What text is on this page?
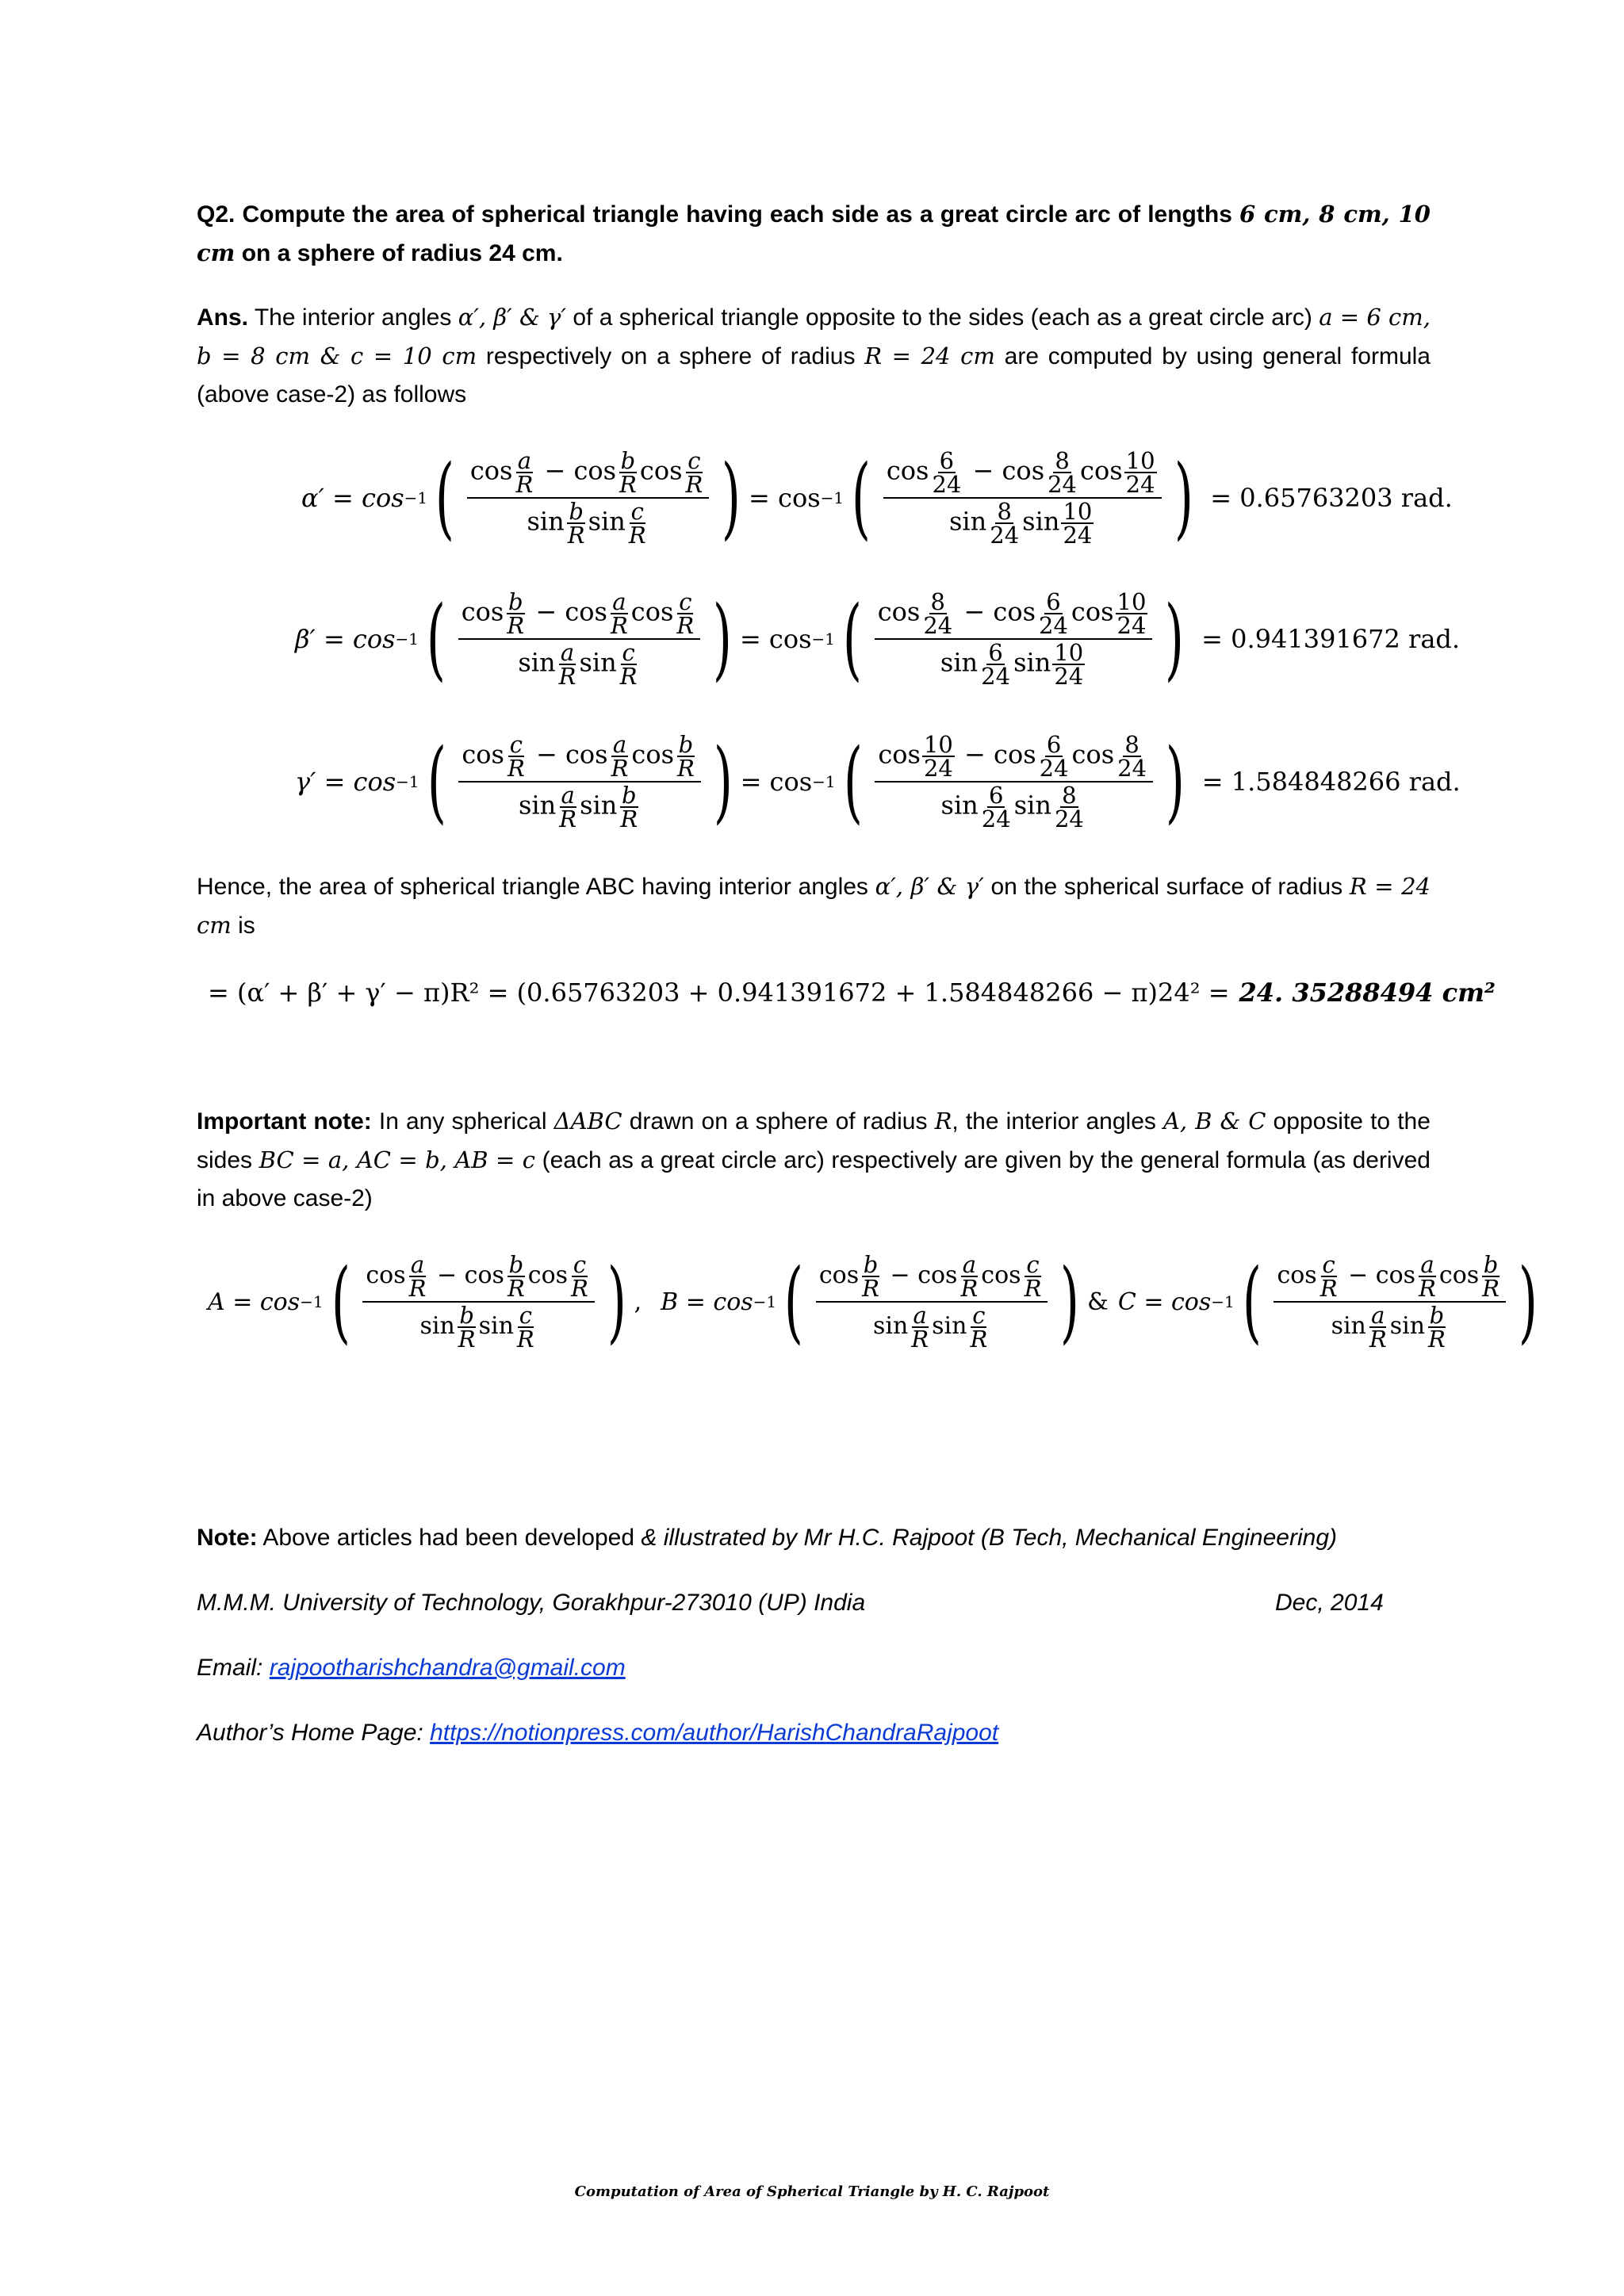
Q2. Compute the area of spherical triangle having each side as a great circle arc of lengths 6 cm, 8 cm, 10 cm on a sphere of radius 24 cm.

Ans. The interior angles α′, β′ & γ′ of a spherical triangle opposite to the sides (each as a great circle arc) a = 6 cm, b = 8 cm & c = 10 cm respectively on a sphere of radius R = 24 cm are computed by using general formula (above case-2) as follows

α′ = cos −1 ( $\frac{\cos \frac{a}{R} - \cos \frac{b}{R} \cos \frac{c}{R}}{\sin \frac{b}{R} \sin \frac{c}{R}}$ ) = cos −1 ( $\frac{\cos \frac{6}{24} - \cos \frac{8}{24} \cos \frac{10}{24}}{\sin \frac{8}{24} \sin \frac{10}{24}}$ ) = 0.65763203 rad.
β′ = cos −1 ( $\frac{\cos \frac{b}{R} - \cos \frac{a}{R} \cos \frac{c}{R}}{\sin \frac{a}{R} \sin \frac{c}{R}}$ ) = cos −1 ( $\frac{\cos \frac{8}{24} - \cos \frac{6}{24} \cos \frac{10}{24}}{\sin \frac{6}{24} \sin \frac{10}{24}}$ ) = 0.941391672 rad.
γ′ = cos −1 ( $\frac{\cos \frac{c}{R} - \cos \frac{a}{R} \cos \frac{b}{R}}{\sin \frac{a}{R} \sin \frac{b}{R}}$ ) = cos −1 ( $\frac{\cos \frac{10}{24} - \cos \frac{6}{24} \cos \frac{8}{24}}{\sin \frac{6}{24} \sin \frac{8}{24}}$ ) = 1.584848266 rad.

Hence, the area of spherical triangle ABC having interior angles α′, β′ & γ′ on the spherical surface of radius R = 24 cm is

= (α′ + β′ + γ′ − π)R² = (0.65763203 + 0.941391672 + 1.584848266 − π)24² = 24. 35288494 cm²

Important note: In any spherical ΔABC drawn on a sphere of radius R, the interior angles A, B & C opposite to the sides BC = a, AC = b, AB = c (each as a great circle arc) respectively are given by the general formula (as derived in above case-2)

A = cos −1 ( $\frac{\cos \frac{a}{R} - \cos \frac{b}{R} \cos \frac{c}{R}}{\sin \frac{b}{R} \sin \frac{c}{R}}$ ) , B = cos −1 ( $\frac{\cos \frac{b}{R} - \cos \frac{a}{R} \cos \frac{c}{R}}{\sin \frac{a}{R} \sin \frac{c}{R}}$ ) & C = cos −1 ( $\frac{\cos \frac{c}{R} - \cos \frac{a}{R} \cos \frac{b}{R}}{\sin \frac{a}{R} \sin \frac{b}{R}}$ )
Note: Above articles had been developed & illustrated by Mr H.C. Rajpoot (B Tech, Mechanical Engineering)
M.M.M. University of Technology, Gorakhpur-273010 (UP) India	Dec, 2014
Email: rajpootharishchandra@gmail.com
Author’s Home Page: https://notionpress.com/author/HarishChandraRajpoot
Computation of Area of Spherical Triangle by H. C. Rajpoot
